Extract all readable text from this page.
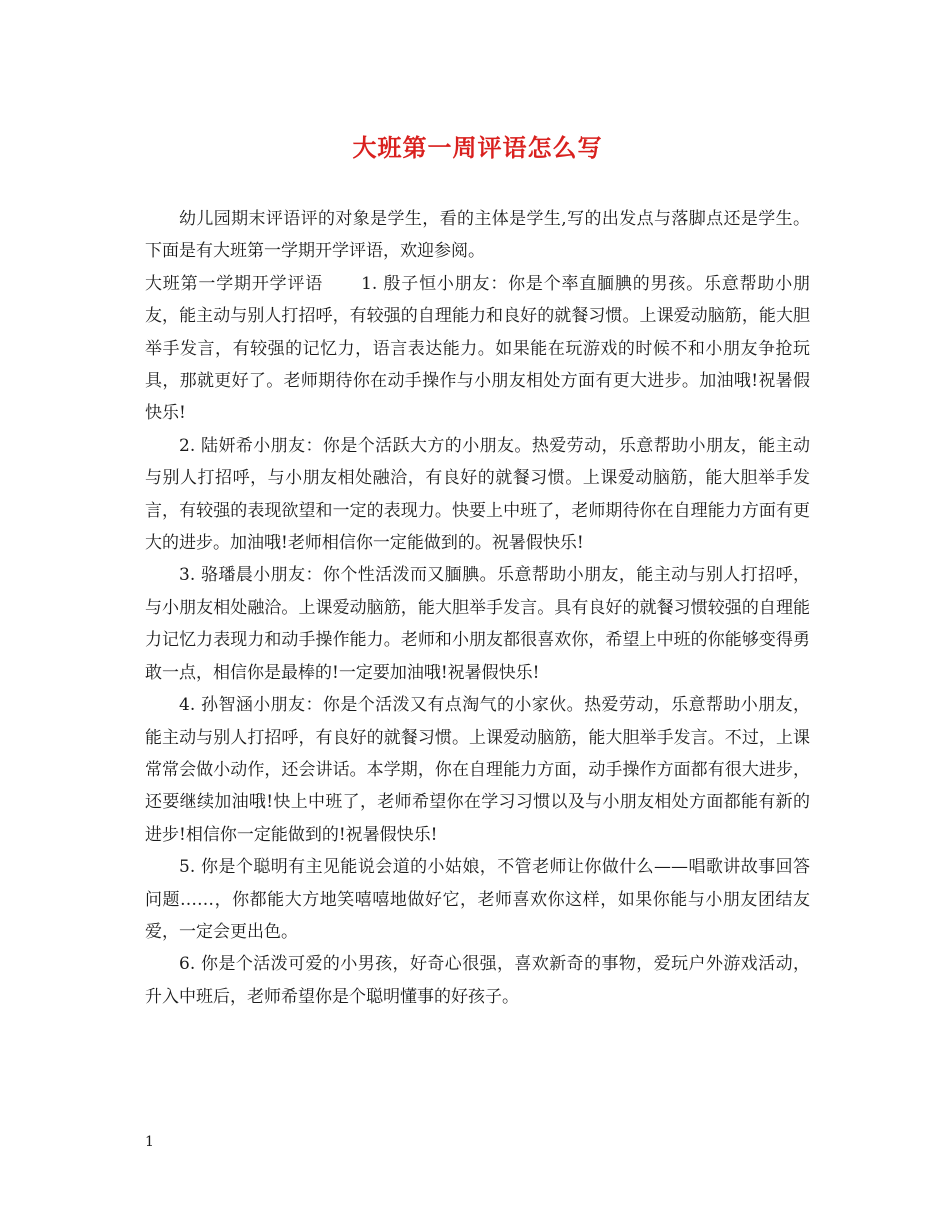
大班第一周评语怎么写

幼儿园期末评语评的对象是学生，看的主体是学生,写的出发点与落脚点还是学生。下面是有大班第一学期开学评语，欢迎参阅。

大班第一学期开学评语 1. 殷子恒小朋友：你是个率直腼腆的男孩。乐意帮助小朋友，能主动与别人打招呼，有较强的自理能力和良好的就餐习惯。上课爱动脑筋，能大胆举手发言，有较强的记忆力，语言表达能力。如果能在玩游戏的时候不和小朋友争抢玩具，那就更好了。老师期待你在动手操作与小朋友相处方面有更大进步。加油哦!祝暑假快乐!

2. 陆妍希小朋友：你是个活跃大方的小朋友。热爱劳动，乐意帮助小朋友，能主动与别人打招呼，与小朋友相处融洽，有良好的就餐习惯。上课爱动脑筋，能大胆举手发言，有较强的表现欲望和一定的表现力。快要上中班了，老师期待你在自理能力方面有更大的进步。加油哦!老师相信你一定能做到的。祝暑假快乐!

3. 骆璠晨小朋友：你个性活泼而又腼腆。乐意帮助小朋友，能主动与别人打招呼，与小朋友相处融洽。上课爱动脑筋，能大胆举手发言。具有良好的就餐习惯较强的自理能力记忆力表现力和动手操作能力。老师和小朋友都很喜欢你，希望上中班的你能够变得勇敢一点，相信你是最棒的!一定要加油哦!祝暑假快乐!

4. 孙智涵小朋友：你是个活泼又有点淘气的小家伙。热爱劳动，乐意帮助小朋友，能主动与别人打招呼，有良好的就餐习惯。上课爱动脑筋，能大胆举手发言。不过，上课常常会做小动作，还会讲话。本学期，你在自理能力方面，动手操作方面都有很大进步，还要继续加油哦!快上中班了，老师希望你在学习习惯以及与小朋友相处方面都能有新的进步!相信你一定能做到的!祝暑假快乐!

5. 你是个聪明有主见能说会道的小姑娘，不管老师让你做什么——唱歌讲故事回答问题……，你都能大方地笑嘻嘻地做好它，老师喜欢你这样，如果你能与小朋友团结友爱，一定会更出色。

6. 你是个活泼可爱的小男孩，好奇心很强，喜欢新奇的事物，爱玩户外游戏活动，升入中班后，老师希望你是个聪明懂事的好孩子。

1
